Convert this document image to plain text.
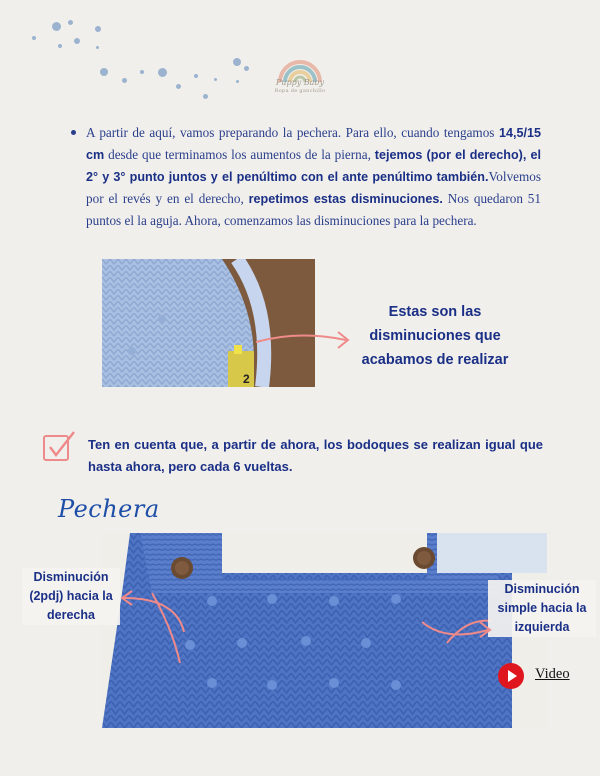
Puppy Baby
Ropa de ganchillo

A partir de aquí, vamos preparando la pechera. Para ello, cuando tengamos 14,5/15 cm desde que terminamos los aumentos de la pierna, tejemos (por el derecho), el 2° y 3° punto juntos y el penúltimo con el ante penúltimo también.Volvemos por el revés y en el derecho, repetimos estas disminuciones. Nos quedaron 51 puntos el la aguja. Ahora, comenzamos las disminuciones para la pechera.

2
Estas son las disminuciones que acabamos de realizar
Ten en cuenta que, a partir de ahora, los bodoques se realizan igual que hasta ahora, pero cada 6 vueltas.
Pechera
Disminución (2pdj) hacia la derecha
Disminución simple hacia la izquierda
Video
